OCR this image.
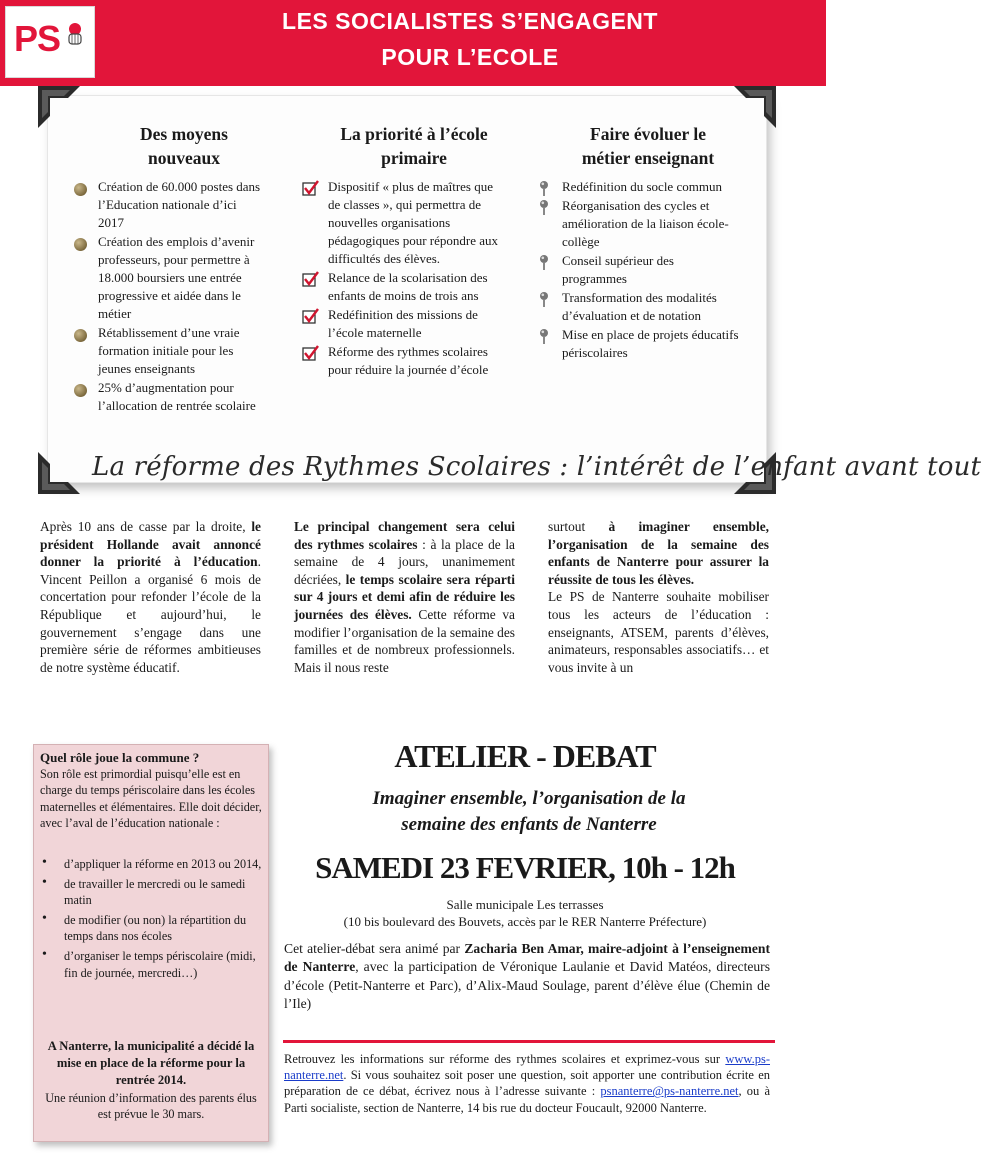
PS	LES SOCIALISTES S’ENGAGENT
POUR L’ECOLE
Des moyens
nouveaux
Création de 60.000 postes dans l’Education nationale d’ici 2017
Création des emplois d’avenir professeurs, pour permettre à 18.000 boursiers une entrée progressive et aidée dans le métier
Rétablissement d’une vraie formation initiale pour les jeunes enseignants
25% d’augmentation pour l’allocation de rentrée scolaire
La priorité à l’école
primaire
Dispositif « plus de maîtres que de classes », qui permettra de nouvelles organisations pédagogiques pour répondre aux difficultés des élèves.
Relance de la scolarisation des enfants de moins de trois ans
Redéfinition des missions de l’école maternelle
Réforme des rythmes scolaires pour réduire la journée d’école
Faire évoluer le
métier enseignant
Redéfinition du socle commun
Réorganisation des cycles et amélioration de la liaison école-collège
Conseil supérieur des programmes
Transformation des modalités d’évaluation et de notation
Mise en place de projets éducatifs périscolaires
La réforme des Rythmes Scolaires : l’intérêt de l’enfant avant tout
Après 10 ans de casse par la droite, le président Hollande avait annoncé donner la priorité à l’éducation. Vincent Peillon a organisé 6 mois de concertation pour refonder l’école de la République et aujourd’hui, le gouvernement s’engage dans une première série de réformes ambitieuses de notre système éducatif.
Le principal changement sera celui des rythmes scolaires : à la place de la semaine de 4 jours, unanimement décriées, le temps scolaire sera réparti sur 4 jours et demi afin de réduire les journées des élèves. Cette réforme va modifier l’organisation de la semaine des familles et de nombreux professionnels. Mais il nous reste
surtout à imaginer ensemble, l’organisation de la semaine des enfants de Nanterre pour assurer la réussite de tous les élèves.
Le PS de Nanterre souhaite mobiliser tous les acteurs de l’éducation : enseignants, ATSEM, parents d’élèves, animateurs, responsables associatifs… et vous invite à un
Quel rôle joue la commune ?
Son rôle est primordial puisqu’elle est en charge du temps périscolaire dans les écoles maternelles et élémentaires. Elle doit décider, avec l’aval de l’éducation nationale :
• d’appliquer la réforme en 2013 ou 2014,
• de travailler le mercredi ou le samedi matin
• de modifier (ou non) la répartition du temps dans nos écoles
• d’organiser le temps périscolaire (midi, fin de journée, mercredi…)
A Nanterre, la municipalité a décidé la mise en place de la réforme pour la rentrée 2014.
Une réunion d’information des parents élus est prévue le 30 mars.
ATELIER - DEBAT
Imaginer ensemble, l’organisation de la
semaine des enfants de Nanterre
SAMEDI 23 FEVRIER, 10h - 12h
Salle municipale Les terrasses
(10 bis boulevard des Bouvets, accès par le RER Nanterre Préfecture)
Cet atelier-débat sera animé par Zacharia Ben Amar, maire-adjoint à l’enseignement de Nanterre, avec la participation de Véronique Laulanie et David Matéos, directeurs d’école (Petit-Nanterre et Parc), d’Alix-Maud Soulage, parent d’élève élue (Chemin de l’Ile)
Retrouvez les informations sur réforme des rythmes scolaires et exprimez-vous sur www.ps-nanterre.net. Si vous souhaitez soit poser une question, soit apporter une contribution écrite en préparation de ce débat, écrivez nous à l’adresse suivante : psnanterre@ps-nanterre.net, ou à Parti socialiste, section de Nanterre, 14 bis rue du docteur Foucault, 92000 Nanterre.
